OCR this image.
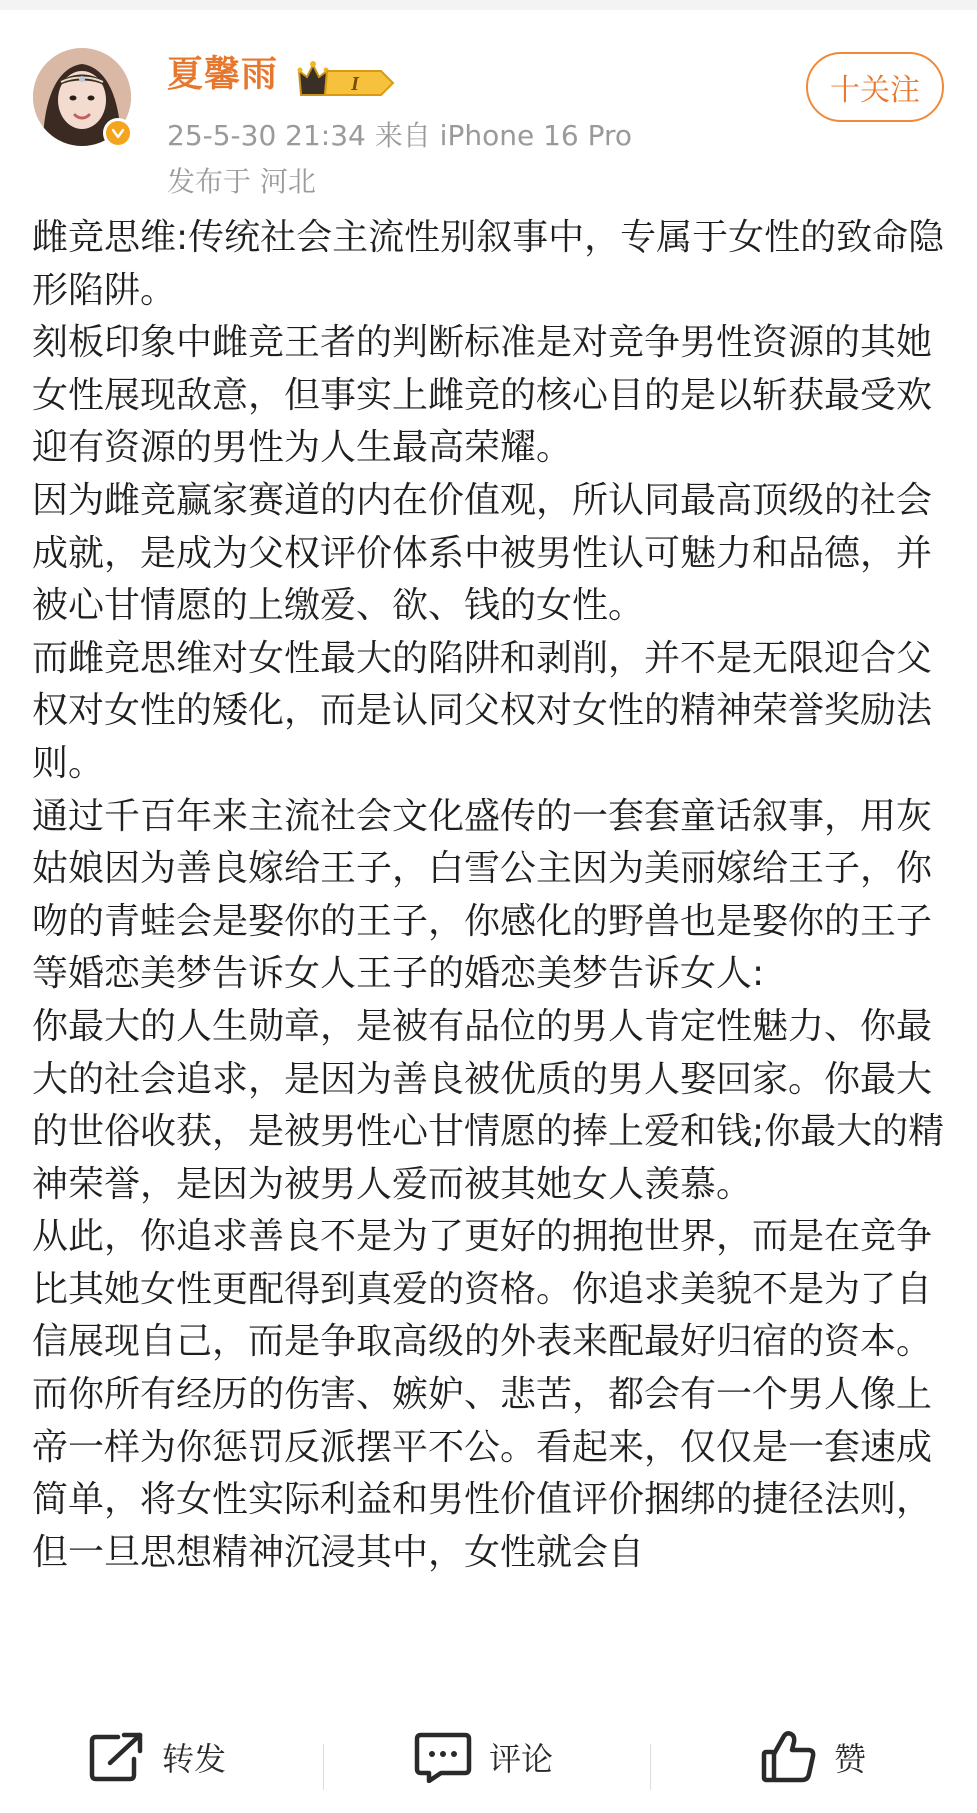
夏馨雨	I
25-5-30 21:34 来自 iPhone 16 Pro
发布于 河北
十关注

雌竞思维:传统社会主流性别叙事中，专属于女性的致命隐形陷阱。

刻板印象中雌竞王者的判断标准是对竞争男性资源的其她女性展现敌意，但事实上雌竞的核心目的是以斩获最受欢迎有资源的男性为人生最高荣耀。

因为雌竞赢家赛道的内在价值观，所认同最高顶级的社会成就，是成为父权评价体系中被男性认可魅力和品德，并被心甘情愿的上缴爱、欲、钱的女性。

而雌竞思维对女性最大的陷阱和剥削，并不是无限迎合父权对女性的矮化，而是认同父权对女性的精神荣誉奖励法则。

通过千百年来主流社会文化盛传的一套套童话叙事，用灰姑娘因为善良嫁给王子，白雪公主因为美丽嫁给王子，你吻的青蛙会是娶你的王子，你感化的野兽也是娶你的王子等婚恋美梦告诉女人王子的婚恋美梦告诉女人:

你最大的人生勋章，是被有品位的男人肯定性魅力、你最大的社会追求，是因为善良被优质的男人娶回家。你最大的世俗收获，是被男性心甘情愿的捧上爱和钱;你最大的精神荣誉，是因为被男人爱而被其她女人羡慕。

从此，你追求善良不是为了更好的拥抱世界，而是在竞争比其她女性更配得到真爱的资格。你追求美貌不是为了自信展现自己，而是争取高级的外表来配最好归宿的资本。

而你所有经历的伤害、嫉妒、悲苦，都会有一个男人像上帝一样为你惩罚反派摆平不公。看起来，仅仅是一套速成简单，将女性实际利益和男性价值评价捆绑的捷径法则，但一旦思想精神沉浸其中，女性就会自

转发	评论	赞
